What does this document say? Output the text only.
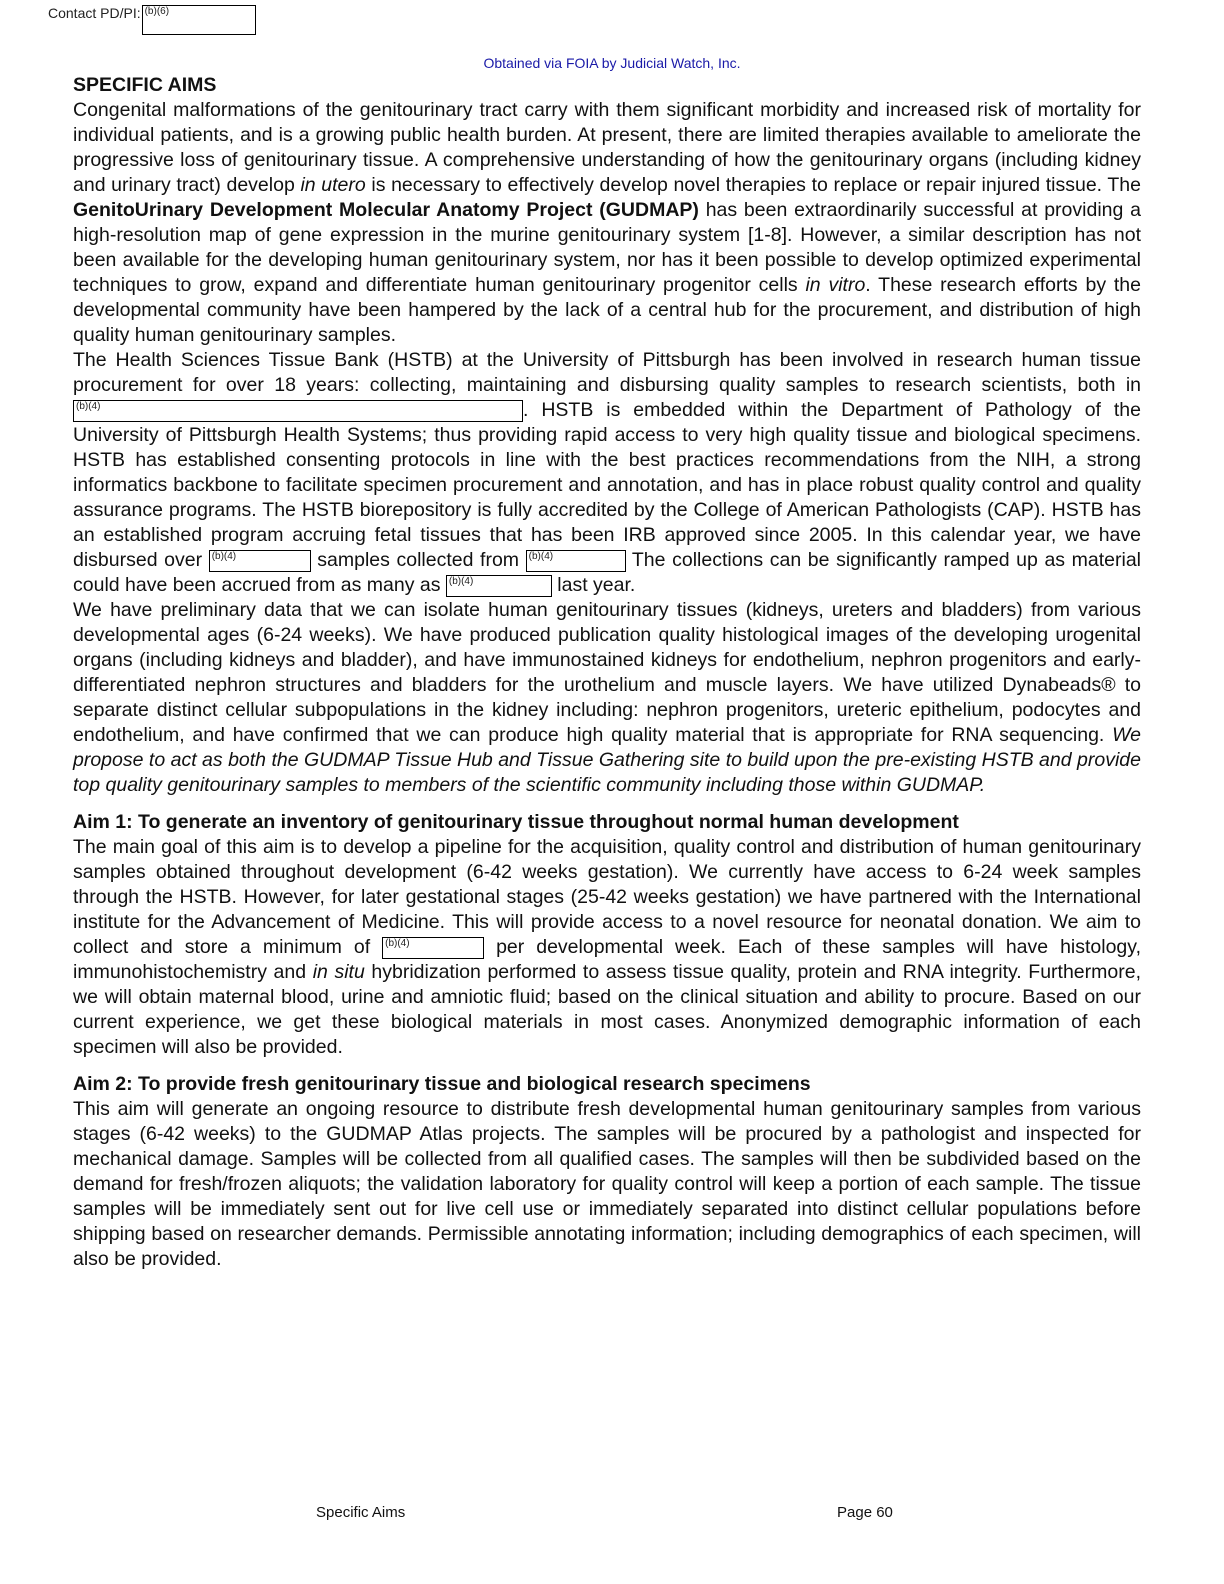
Contact PD/PI: (b)(6)
Obtained via FOIA by Judicial Watch, Inc.
SPECIFIC AIMS

Congenital malformations of the genitourinary tract carry with them significant morbidity and increased risk of mortality for individual patients, and is a growing public health burden. At present, there are limited therapies available to ameliorate the progressive loss of genitourinary tissue. A comprehensive understanding of how the genitourinary organs (including kidney and urinary tract) develop in utero is necessary to effectively develop novel therapies to replace or repair injured tissue. The GenitoUrinary Development Molecular Anatomy Project (GUDMAP) has been extraordinarily successful at providing a high-resolution map of gene expression in the murine genitourinary system [1-8]. However, a similar description has not been available for the developing human genitourinary system, nor has it been possible to develop optimized experimental techniques to grow, expand and differentiate human genitourinary progenitor cells in vitro. These research efforts by the developmental community have been hampered by the lack of a central hub for the procurement, and distribution of high quality human genitourinary samples.

The Health Sciences Tissue Bank (HSTB) at the University of Pittsburgh has been involved in research human tissue procurement for over 18 years: collecting, maintaining and disbursing quality samples to research scientists, both in
(b)(4)	. HSTB is embedded within the Department of Pathology of the University of Pittsburgh Health Systems; thus providing rapid access to very high quality tissue and biological specimens. HSTB has established consenting protocols in line with the best practices recommendations from the NIH, a strong informatics backbone to facilitate specimen procurement and annotation, and has in place robust quality control and quality assurance programs. The HSTB biorepository is fully accredited by the College of American Pathologists (CAP). HSTB has an established program accruing fetal tissues that has been IRB approved since 2005. In this calendar year, we have disbursed over (b)(4)	samples collected from (b)(4)	The collections can be significantly ramped up as material could have been accrued from as many as (b)(4)	last year.

We have preliminary data that we can isolate human genitourinary tissues (kidneys, ureters and bladders) from various developmental ages (6-24 weeks). We have produced publication quality histological images of the developing urogenital organs (including kidneys and bladder), and have immunostained kidneys for endothelium, nephron progenitors and early-differentiated nephron structures and bladders for the urothelium and muscle layers. We have utilized Dynabeads® to separate distinct cellular subpopulations in the kidney including: nephron progenitors, ureteric epithelium, podocytes and endothelium, and have confirmed that we can produce high quality material that is appropriate for RNA sequencing. We propose to act as both the GUDMAP Tissue Hub and Tissue Gathering site to build upon the pre-existing HSTB and provide top quality genitourinary samples to members of the scientific community including those within GUDMAP.

Aim 1: To generate an inventory of genitourinary tissue throughout normal human development

The main goal of this aim is to develop a pipeline for the acquisition, quality control and distribution of human genitourinary samples obtained throughout development (6-42 weeks gestation). We currently have access to 6-24 week samples through the HSTB. However, for later gestational stages (25-42 weeks gestation) we have partnered with the International institute for the Advancement of Medicine. This will provide access to a novel resource for neonatal donation. We aim to collect and store a minimum of (b)(4)	per developmental week. Each of these samples will have histology, immunohistochemistry and in situ hybridization performed to assess tissue quality, protein and RNA integrity. Furthermore, we will obtain maternal blood, urine and amniotic fluid; based on the clinical situation and ability to procure. Based on our current experience, we get these biological materials in most cases. Anonymized demographic information of each specimen will also be provided.

Aim 2: To provide fresh genitourinary tissue and biological research specimens

This aim will generate an ongoing resource to distribute fresh developmental human genitourinary samples from various stages (6-42 weeks) to the GUDMAP Atlas projects. The samples will be procured by a pathologist and inspected for mechanical damage. Samples will be collected from all qualified cases. The samples will then be subdivided based on the demand for fresh/frozen aliquots; the validation laboratory for quality control will keep a portion of each sample. The tissue samples will be immediately sent out for live cell use or immediately separated into distinct cellular populations before shipping based on researcher demands. Permissible annotating information; including demographics of each specimen, will also be provided.

Specific Aims	Page 60
